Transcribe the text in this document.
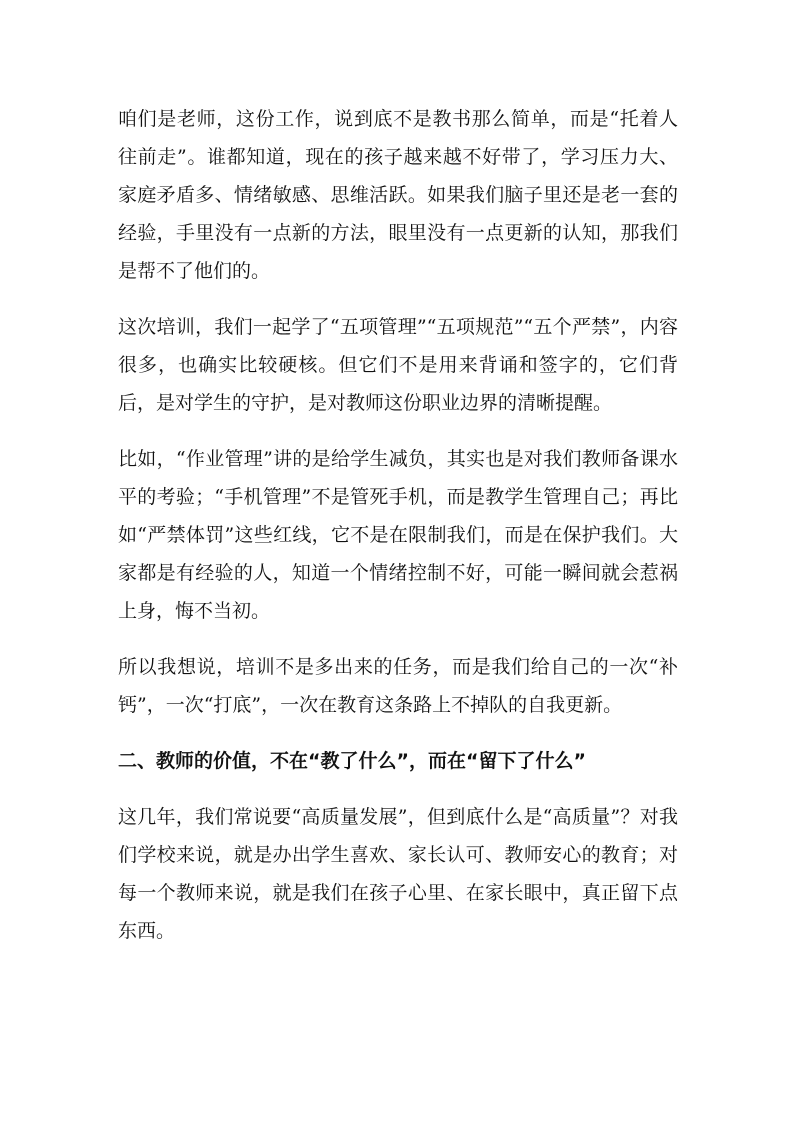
咱们是老师，这份工作，说到底不是教书那么简单，而是“托着人往前走”。谁都知道，现在的孩子越来越不好带了，学习压力大、家庭矛盾多、情绪敏感、思维活跃。如果我们脑子里还是老一套的经验，手里没有一点新的方法，眼里没有一点更新的认知，那我们是帮不了他们的。

这次培训，我们一起学了“五项管理”“五项规范”“五个严禁”，内容很多，也确实比较硬核。但它们不是用来背诵和签字的，它们背后，是对学生的守护，是对教师这份职业边界的清晰提醒。

比如，“作业管理”讲的是给学生减负，其实也是对我们教师备课水平的考验；“手机管理”不是管死手机，而是教学生管理自己；再比如“严禁体罚”这些红线，它不是在限制我们，而是在保护我们。大家都是有经验的人，知道一个情绪控制不好，可能一瞬间就会惹祸上身，悔不当初。

所以我想说，培训不是多出来的任务，而是我们给自己的一次“补钙”，一次“打底”，一次在教育这条路上不掉队的自我更新。

二、教师的价值，不在“教了什么”，而在“留下了什么”

这几年，我们常说要“高质量发展”，但到底什么是“高质量”？对我们学校来说，就是办出学生喜欢、家长认可、教师安心的教育；对每一个教师来说，就是我们在孩子心里、在家长眼中，真正留下点东西。
